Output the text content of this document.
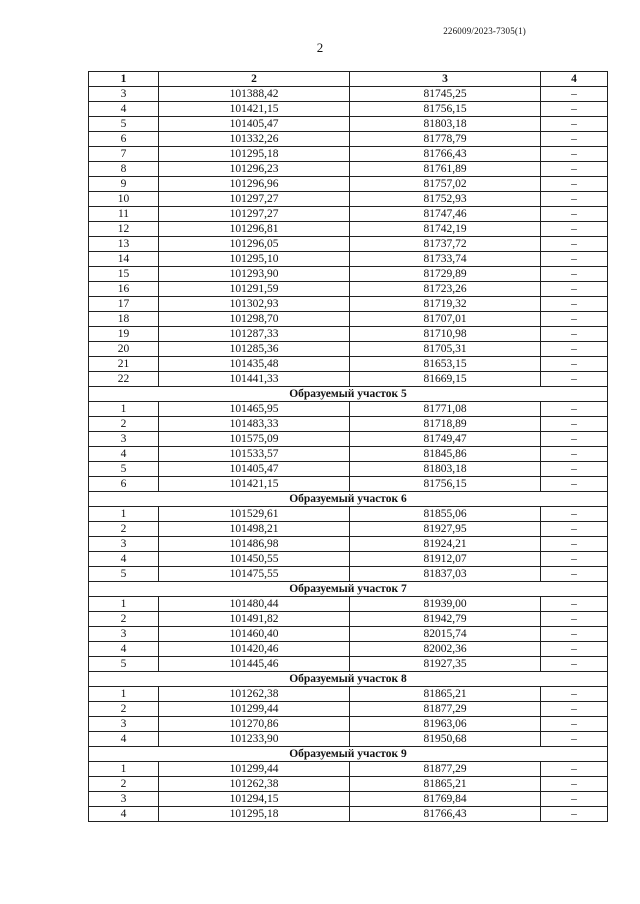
226009/2023-7305(1)
2
1	2	3	4
3	101388,42	81745,25	–
4	101421,15	81756,15	–
5	101405,47	81803,18	–
6	101332,26	81778,79	–
7	101295,18	81766,43	–
8	101296,23	81761,89	–
9	101296,96	81757,02	–
10	101297,27	81752,93	–
11	101297,27	81747,46	–
12	101296,81	81742,19	–
13	101296,05	81737,72	–
14	101295,10	81733,74	–
15	101293,90	81729,89	–
16	101291,59	81723,26	–
17	101302,93	81719,32	–
18	101298,70	81707,01	–
19	101287,33	81710,98	–
20	101285,36	81705,31	–
21	101435,48	81653,15	–
22	101441,33	81669,15	–
Образуемый участок 5			
1	101465,95	81771,08	–
2	101483,33	81718,89	–
3	101575,09	81749,47	–
4	101533,57	81845,86	–
5	101405,47	81803,18	–
6	101421,15	81756,15	–
Образуемый участок 6			
1	101529,61	81855,06	–
2	101498,21	81927,95	–
3	101486,98	81924,21	–
4	101450,55	81912,07	–
5	101475,55	81837,03	–
Образуемый участок 7			
1	101480,44	81939,00	–
2	101491,82	81942,79	–
3	101460,40	82015,74	–
4	101420,46	82002,36	–
5	101445,46	81927,35	–
Образуемый участок 8			
1	101262,38	81865,21	–
2	101299,44	81877,29	–
3	101270,86	81963,06	–
4	101233,90	81950,68	–
Образуемый участок 9			
1	101299,44	81877,29	–
2	101262,38	81865,21	–
3	101294,15	81769,84	–
4	101295,18	81766,43	–
